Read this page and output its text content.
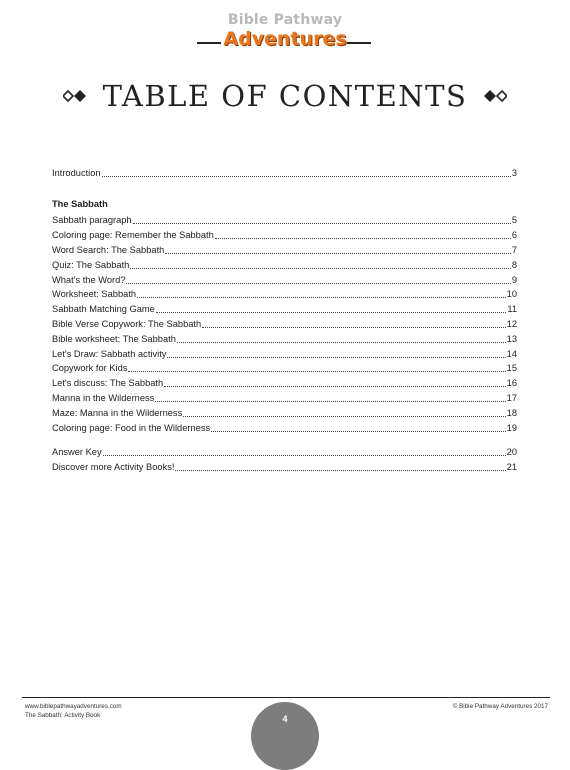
Bible Pathway
Adventures
TABLE OF CONTENTS
Introduction	3
The Sabbath
Sabbath paragraph	5
Coloring page: Remember the Sabbath	6
Word Search: The Sabbath	7
Quiz: The Sabbath	8
What's the Word?	9
Worksheet: Sabbath	10
Sabbath Matching Game	11
Bible Verse Copywork: The Sabbath	12
Bible worksheet: The Sabbath	13
Let's Draw: Sabbath activity	14
Copywork for Kids	15
Let's discuss: The Sabbath	16
Manna in the Wilderness	17
Maze: Manna in the Wilderness	18
Coloring page: Food in the Wilderness	19
Answer Key	20
Discover more Activity Books!	21
www.biblepathwayadventures.com
The Sabbath: Activity Book
© Bible Pathway Adventures 2017
4
